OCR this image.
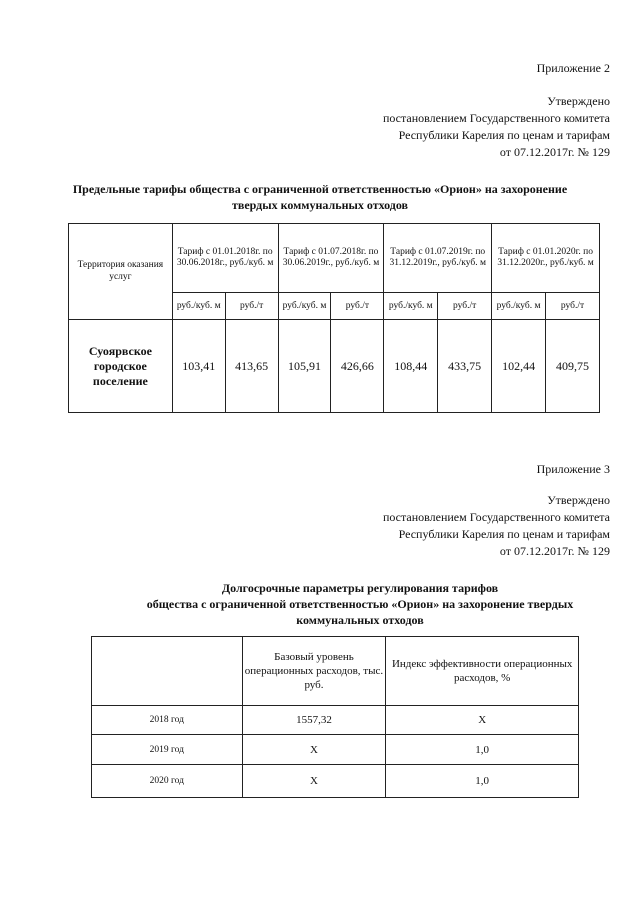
Приложение 2
Утверждено
постановлением Государственного комитета
Республики Карелия по ценам и тарифам
от 07.12.2017г. № 129
Предельные тарифы общества с ограниченной ответственностью «Орион» на захоронение
твердых коммунальных отходов
Территория оказания услуг	Тариф с 01.01.2018г. по 30.06.2018г., руб./куб. м		Тариф с 01.07.2018г. по 30.06.2019г., руб./куб. м		Тариф с 01.07.2019г. по 31.12.2019г., руб./куб. м		Тариф с 01.01.2020г. по 31.12.2020г., руб./куб. м	
	руб./куб. м	руб./т	руб./куб. м	руб./т	руб./куб. м	руб./т	руб./куб. м	руб./т
Суоярвское городское поселение	103,41	413,65	105,91	426,66	108,44	433,75	102,44	409,75
Приложение 3
Утверждено
постановлением Государственного комитета
Республики Карелия по ценам и тарифам
от 07.12.2017г. № 129
Долгосрочные параметры регулирования тарифов
общества с ограниченной ответственностью «Орион» на захоронение твердых
коммунальных отходов
	Базовый уровень операционных расходов, тыс. руб.	Индекс эффективности операционных расходов, %
2018 год	1557,32	Х
2019 год	Х	1,0
2020 год	Х	1,0
